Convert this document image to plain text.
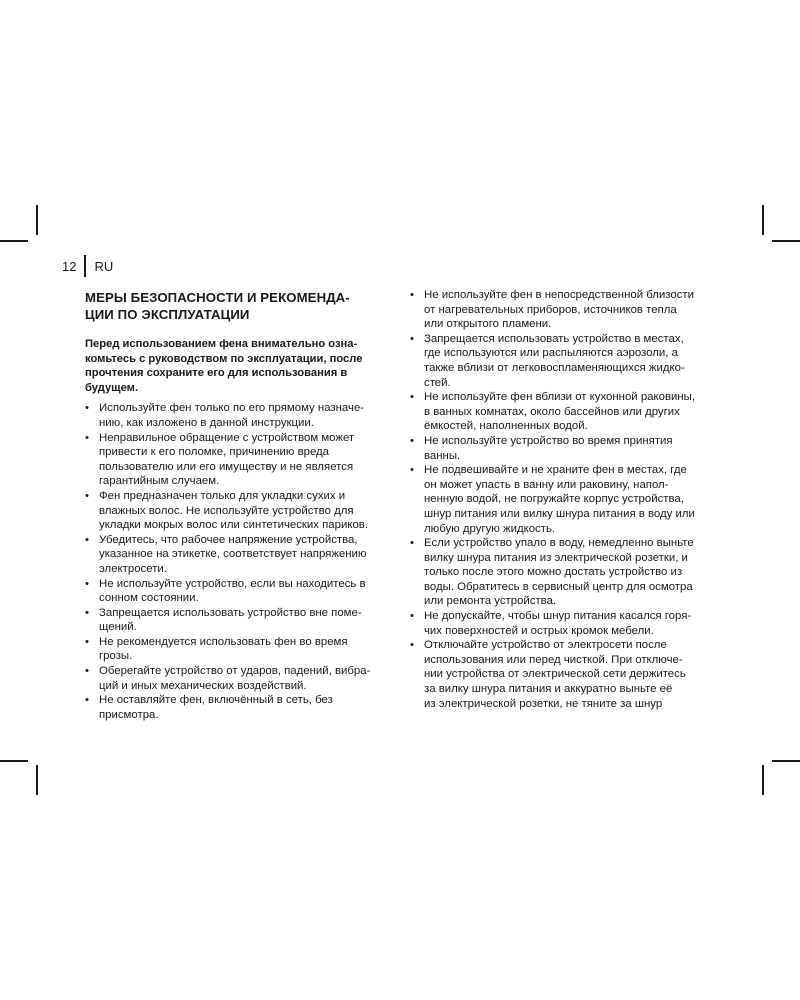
12 RU
МЕРЫ БЕЗОПАСНОСТИ И РЕКОМЕНДА-
ЦИИ ПО ЭКСПЛУАТАЦИИ

Перед использованием фена внимательно озна-
комьтесь с руководством по эксплуатации, после
прочтения сохраните его для использования в
будущем.

• Используйте фен только по его прямому назначе-
нию, как изложено в данной инструкции.
• Неправильное обращение с устройством может
привести к его поломке, причинению вреда
пользователю или его имуществу и не является
гарантийным случаем.
• Фен предназначен только для укладки сухих и
влажных волос. Не используйте устройство для
укладки мокрых волос или синтетических париков.
• Убедитесь, что рабочее напряжение устройства,
указанное на этикетке, соответствует напряжению
электросети.
• Не используйте устройство, если вы находитесь в
сонном состоянии.
• Запрещается использовать устройство вне поме-
щений.
• Не рекомендуется использовать фен во время
грозы.
• Оберегайте устройство от ударов, падений, вибра-
ций и иных механических воздействий.
• Не оставляйте фен, включённый в сеть, без
присмотра.
• Не используйте фен в непосредственной близости
от нагревательных приборов, источников тепла
или открытого пламени.
• Запрещается использовать устройство в местах,
где используются или распыляются аэрозоли, а
также вблизи от легковоспламеняющихся жидко-
стей.
• Не используйте фен вблизи от кухонной раковины,
в ванных комнатах, около бассейнов или других
ёмкостей, наполненных водой.
• Не используйте устройство во время принятия
ванны.
• Не подвешивайте и не храните фен в местах, где
он может упасть в ванну или раковину, напол-
ненную водой, не погружайте корпус устройства,
шнур питания или вилку шнура питания в воду или
любую другую жидкость.
• Если устройство упало в воду, немедленно выньте
вилку шнура питания из электрической розетки, и
только после этого можно достать устройство из
воды. Обратитесь в сервисный центр для осмотра
или ремонта устройства.
• Не допускайте, чтобы шнур питания касался горя-
чих поверхностей и острых кромок мебели.
• Отключайте устройство от электросети после
использования или перед чисткой. При отключе-
нии устройства от электрической сети держитесь
за вилку шнура питания и аккуратно выньте её
из электрической розетки, не тяните за шнур
